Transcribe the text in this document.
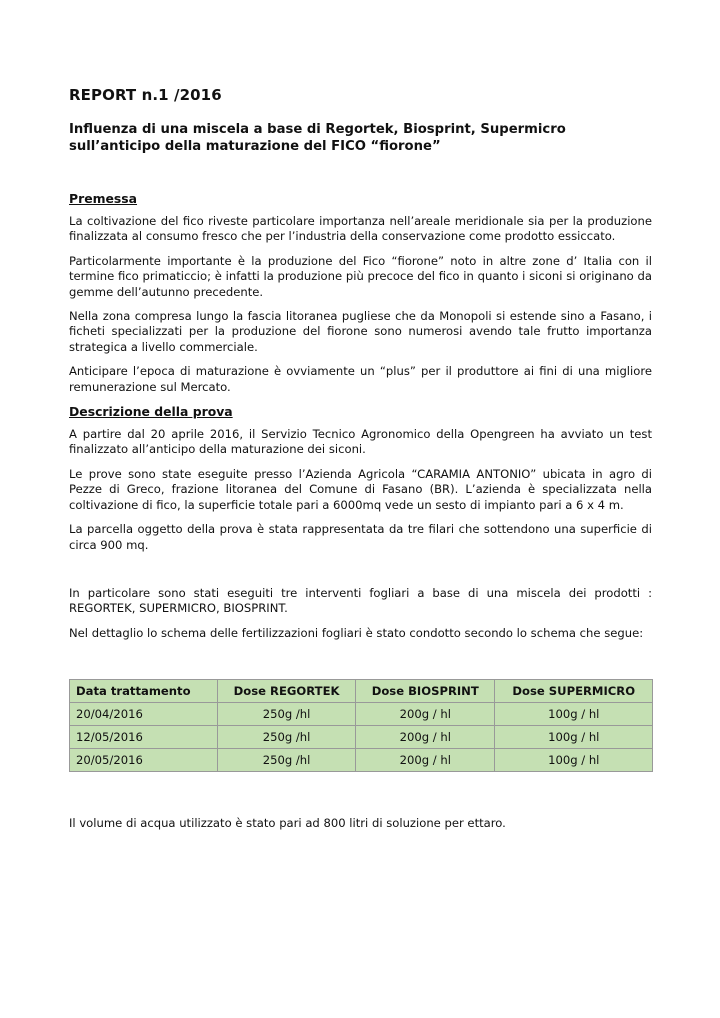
REPORT n.1 /2016
Influenza di una miscela a base di Regortek, Biosprint, Supermicro sull’anticipo della maturazione del FICO “fiorone”
Premessa

La coltivazione del fico riveste particolare importanza nell’areale meridionale sia per la produzione finalizzata al consumo fresco che per l’industria della conservazione come prodotto essiccato.

Particolarmente importante è la produzione del Fico “fiorone” noto in altre zone d’ Italia con il termine fico primaticcio; è infatti la produzione più precoce del fico in quanto i siconi si originano da gemme dell’autunno precedente.

Nella zona compresa lungo la fascia litoranea pugliese che da Monopoli si estende sino a Fasano, i ficheti specializzati per la produzione del fiorone sono numerosi avendo tale frutto importanza strategica a livello commerciale.

Anticipare l’epoca di maturazione è ovviamente un “plus” per il produttore ai fini di una migliore remunerazione sul Mercato.

Descrizione della prova

A partire dal 20 aprile 2016, il Servizio Tecnico Agronomico della Opengreen ha avviato un test finalizzato all’anticipo della maturazione dei siconi.

Le prove sono state eseguite presso l’Azienda Agricola “CARAMIA ANTONIO” ubicata in agro di Pezze di Greco, frazione litoranea del Comune di Fasano (BR). L’azienda è specializzata nella coltivazione di fico, la superficie totale pari a 6000mq vede un sesto di impianto pari a 6 x 4 m.

La parcella oggetto della prova è stata rappresentata da tre filari che sottendono una superficie di circa 900 mq.

In particolare sono stati eseguiti tre interventi fogliari a base di una miscela dei prodotti : REGORTEK, SUPERMICRO, BIOSPRINT.

Nel dettaglio lo schema delle fertilizzazioni fogliari è stato condotto secondo lo schema che segue:

Data trattamento	Dose REGORTEK	Dose BIOSPRINT	Dose SUPERMICRO
20/04/2016	250g /hl	200g / hl	100g / hl
12/05/2016	250g /hl	200g / hl	100g / hl
20/05/2016	250g /hl	200g / hl	100g / hl

Il volume di acqua utilizzato è stato pari ad 800 litri di soluzione per ettaro.
